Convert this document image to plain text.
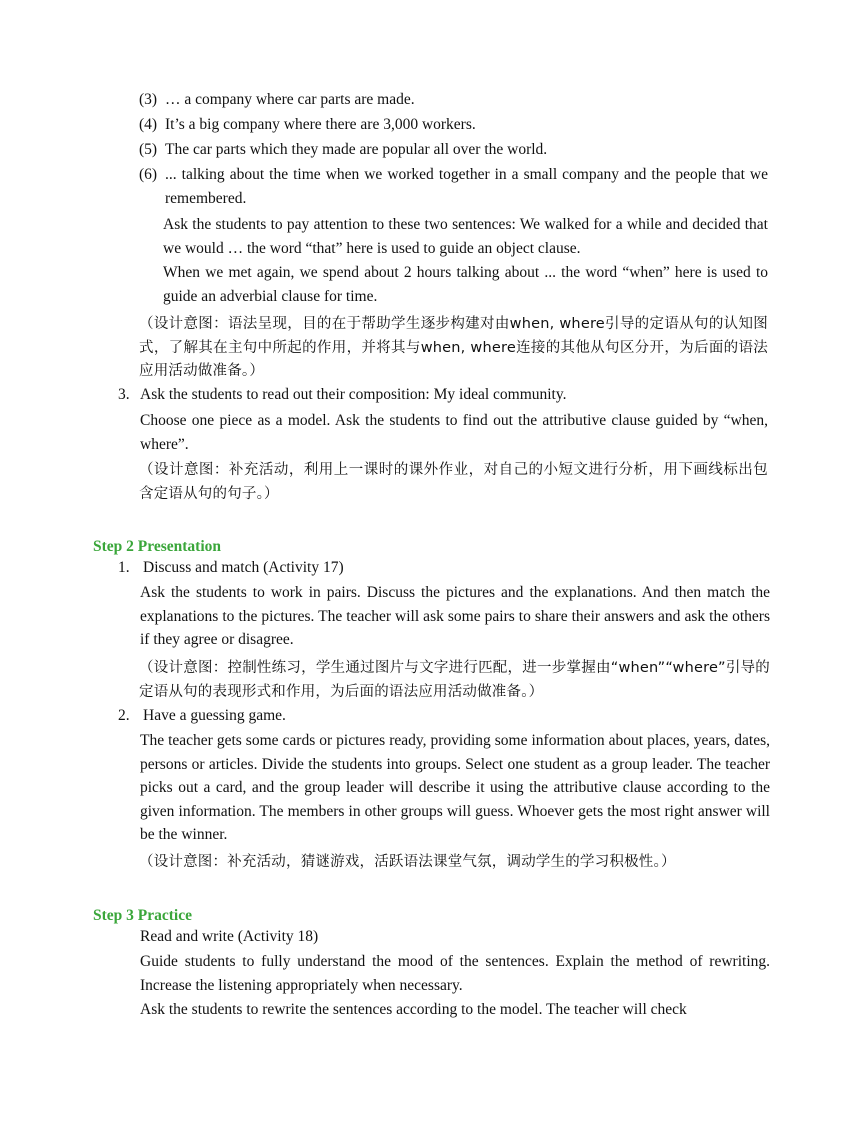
(3) … a company where car parts are made.
(4) It’s a big company where there are 3,000 workers.
(5) The car parts which they made are popular all over the world.
(6) ... talking about the time when we worked together in a small company and the people that we remembered.
Ask the students to pay attention to these two sentences: We walked for a while and decided that we would … the word “that” here is used to guide an object clause.
When we met again, we spend about 2 hours talking about ... the word “when” here is used to guide an adverbial clause for time.
（设计意图：语法呈现，目的在于帮助学生逐步构建对由when, where引导的定语从句的认知图式，了解其在主句中所起的作用，并将其与when, where连接的其他从句区分开，为后面的语法应用活动做准备。）
3. Ask the students to read out their composition: My ideal community.
Choose one piece as a model. Ask the students to find out the attributive clause guided by “when, where”.
（设计意图：补充活动，利用上一课时的课外作业，对自己的小短文进行分析，用下画线标出包含定语从句的句子。）
Step 2 Presentation
1. Discuss and match (Activity 17)
Ask the students to work in pairs. Discuss the pictures and the explanations. And then match the explanations to the pictures. The teacher will ask some pairs to share their answers and ask the others if they agree or disagree.
（设计意图：控制性练习，学生通过图片与文字进行匹配，进一步掌握由“when”“where”引导的定语从句的表现形式和作用，为后面的语法应用活动做准备。）
2. Have a guessing game.
The teacher gets some cards or pictures ready, providing some information about places, years, dates, persons or articles. Divide the students into groups. Select one student as a group leader. The teacher picks out a card, and the group leader will describe it using the attributive clause according to the given information. The members in other groups will guess. Whoever gets the most right answer will be the winner.
（设计意图：补充活动，猜谜游戏，活跃语法课堂气氛，调动学生的学习积极性。）
Step 3 Practice
Read and write (Activity 18)
Guide students to fully understand the mood of the sentences. Explain the method of rewriting. Increase the listening appropriately when necessary.
Ask the students to rewrite the sentences according to the model. The teacher will check
